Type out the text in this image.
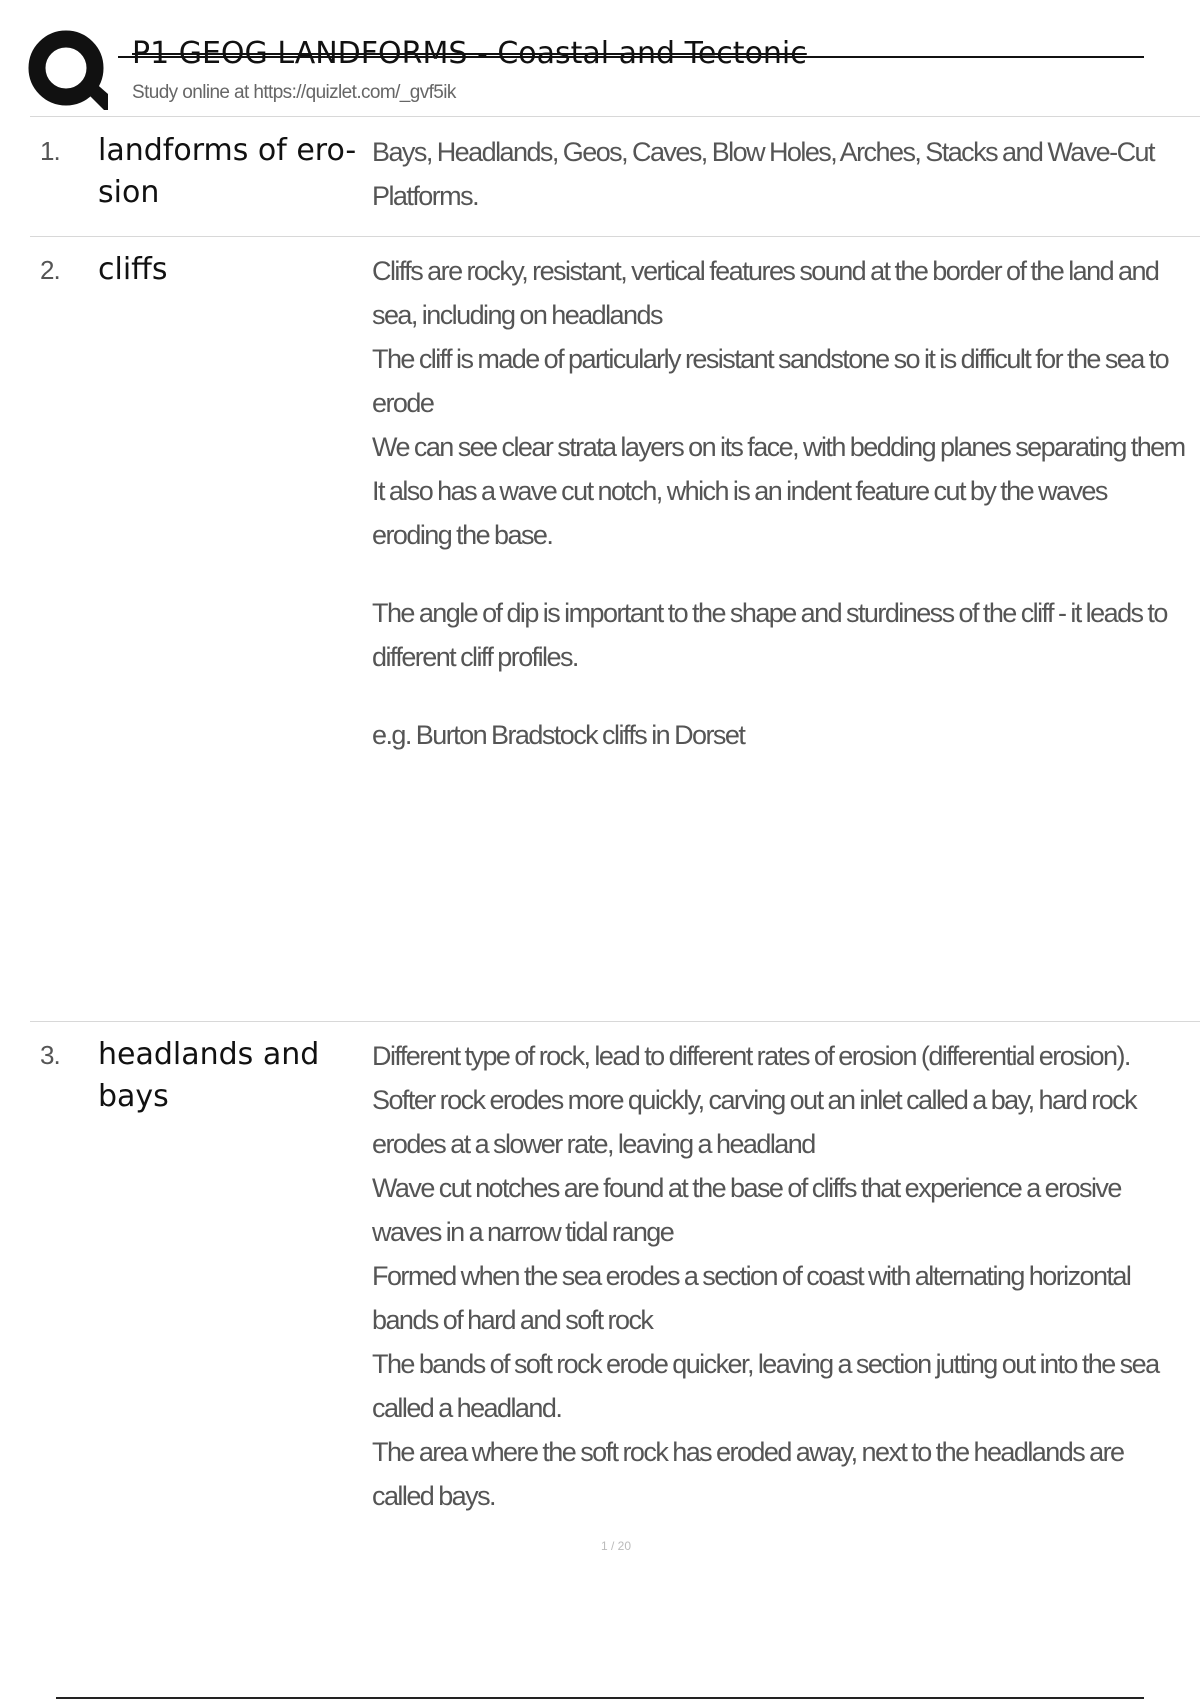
P1 GEOG LANDFORMS - Coastal and Tectonic
Study online at https://quizlet.com/_gvf5ik
1. landforms of ero-sion

Bays, Headlands, Geos, Caves, Blow Holes, Arches, Stacks and Wave-Cut Platforms.

2. cliffs	Cliffs are rocky, resistant, vertical features sound at the border of the land and sea, including on headlands

The cliff is made of particularly resistant sandstone so it is difficult for the sea to erode

We can see clear strata layers on its face, with bedding planes separating them

It also has a wave cut notch, which is an indent feature cut by the waves eroding the base.

The angle of dip is important to the shape and sturdiness of the cliff - it leads to different cliff profiles.

e.g. Burton Bradstock cliffs in Dorset

3. headlands and bays

Different type of rock, lead to different rates of erosion (differential erosion). Softer rock erodes more quickly, carving out an inlet called a bay, hard rock erodes at a slower rate, leaving a headland

Wave cut notches are found at the base of cliffs that experience a erosive waves in a narrow tidal range

Formed when the sea erodes a section of coast with alternating horizontal bands of hard and soft rock

The bands of soft rock erode quicker, leaving a section jutting out into the sea called a headland.

The area where the soft rock has eroded away, next to the headlands are called bays.

1 / 20
